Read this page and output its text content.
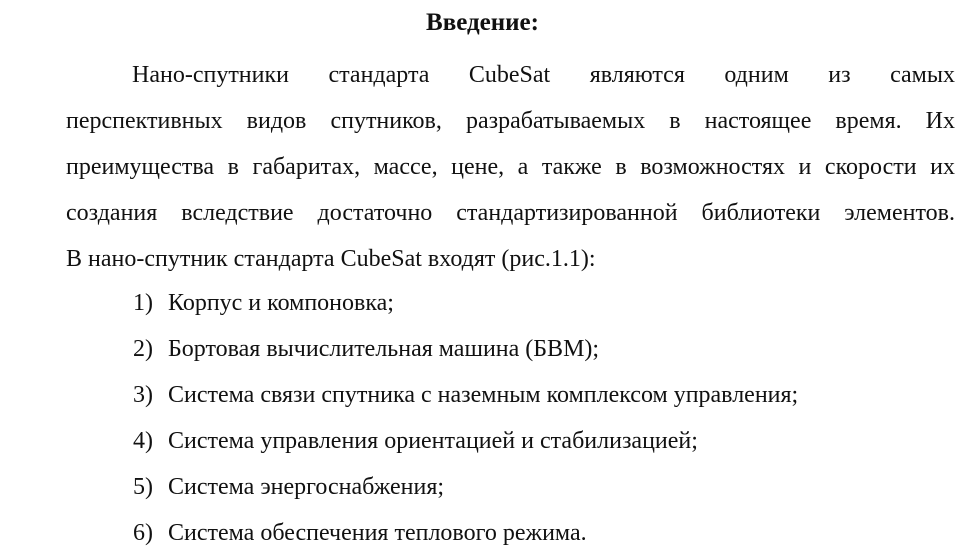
Введение:

Нано-спутники стандарта CubeSat являются одним из самых
перспективных видов спутников, разрабатываемых в настоящее время. Их
преимущества в габаритах, массе, цене, а также в возможностях и скорости их
создания вследствие достаточно стандартизированной библиотеки элементов.
В нано-спутник стандарта CubeSat входят (рис.1.1):

1) Корпус и компоновка;
2) Бортовая вычислительная машина (БВМ);
3) Система связи спутника с наземным комплексом управления;
4) Система управления ориентацией и стабилизацией;
5) Система энергоснабжения;
6) Система обеспечения теплового режима.
